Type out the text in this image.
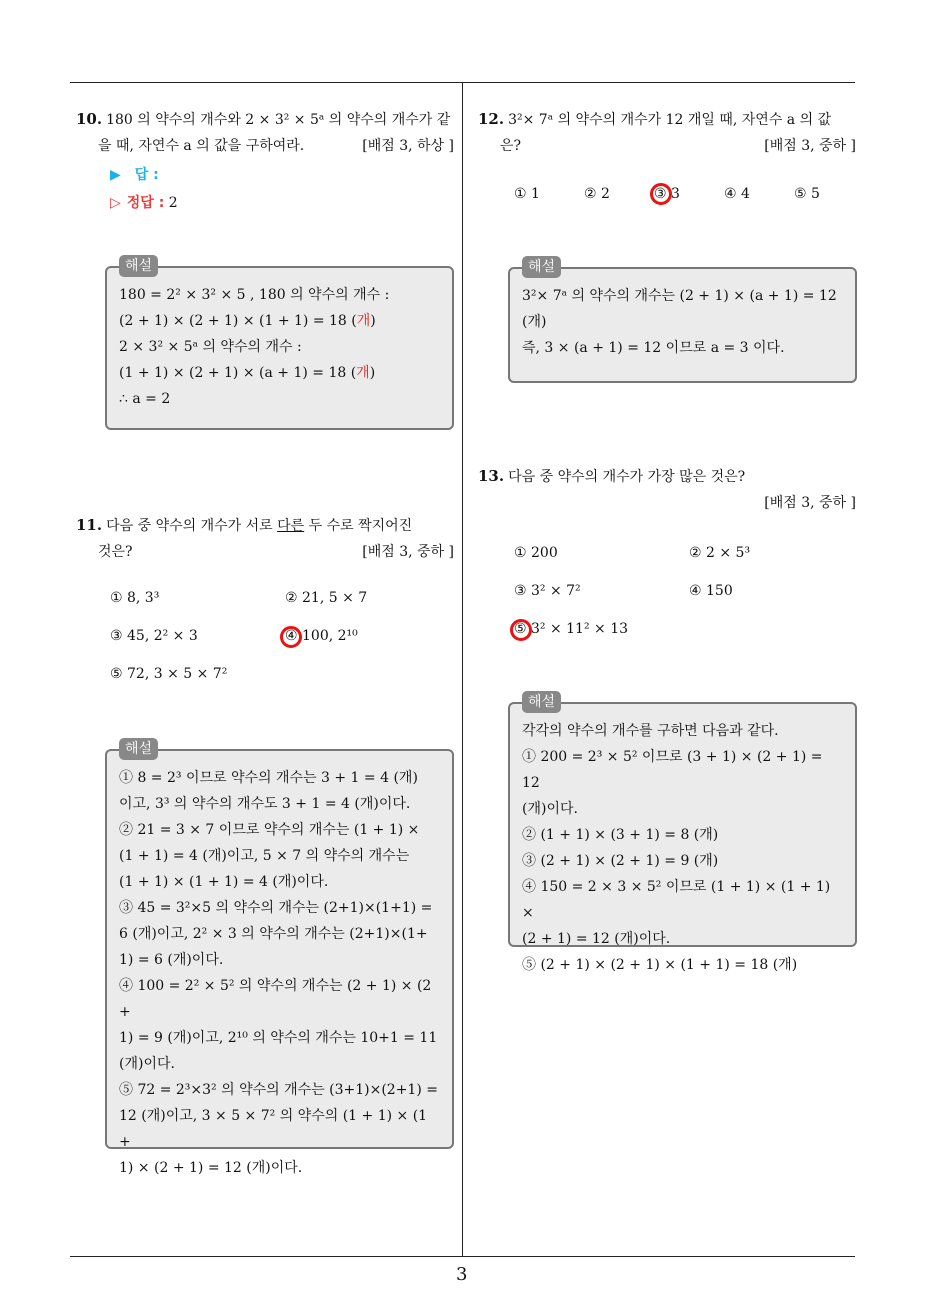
10. 180 의 약수의 개수와 2 × 3² × 5ᵃ 의 약수의 개수가 같
을 때, 자연수 a 의 값을 구하여라.	[배점 3, 하상 ]
▶ 답 :
▷ 정답 : 2
해설
180 = 2² × 3² × 5 , 180 의 약수의 개수 :
(2 + 1) × (2 + 1) × (1 + 1) = 18 (개)
2 × 3² × 5ᵃ 의 약수의 개수 :
(1 + 1) × (2 + 1) × (a + 1) = 18 (개)
∴ a = 2
11. 다음 중 약수의 개수가 서로 다른 두 수로 짝지어진
것은?	[배점 3, 중하 ]
① 8, 3³	② 21, 5 × 7
③ 45, 2² × 3	④ 100, 2¹⁰
⑤ 72, 3 × 5 × 7²
해설
① 8 = 2³ 이므로 약수의 개수는 3 + 1 = 4 (개)
이고, 3³ 의 약수의 개수도 3 + 1 = 4 (개)이다.
② 21 = 3 × 7 이므로 약수의 개수는 (1 + 1) ×
(1 + 1) = 4 (개)이고, 5 × 7 의 약수의 개수는
(1 + 1) × (1 + 1) = 4 (개)이다.
③ 45 = 3²×5 의 약수의 개수는 (2+1)×(1+1) =
6 (개)이고, 2² × 3 의 약수의 개수는 (2+1)×(1+
1) = 6 (개)이다.
④ 100 = 2² × 5² 의 약수의 개수는 (2 + 1) × (2 +
1) = 9 (개)이고, 2¹⁰ 의 약수의 개수는 10+1 = 11
(개)이다.
⑤ 72 = 2³×3² 의 약수의 개수는 (3+1)×(2+1) =
12 (개)이고, 3 × 5 × 7² 의 약수의 (1 + 1) × (1 +
1) × (2 + 1) = 12 (개)이다.
12. 3²× 7ᵃ 의 약수의 개수가 12 개일 때, 자연수 a 의 값
은?	[배점 3, 중하 ]
① 1	② 2	③ 3	④ 4	⑤ 5
해설
3²× 7ᵃ 의 약수의 개수는 (2 + 1) × (a + 1) = 12
(개)
즉, 3 × (a + 1) = 12 이므로 a = 3 이다.
13. 다음 중 약수의 개수가 가장 많은 것은?
[배점 3, 중하 ]

① 200	② 2 × 5³
③ 3² × 7²	④ 150
⑤ 3² × 11² × 13
해설
각각의 약수의 개수를 구하면 다음과 같다.
① 200 = 2³ × 5² 이므로 (3 + 1) × (2 + 1) = 12
(개)이다.
② (1 + 1) × (3 + 1) = 8 (개)
③ (2 + 1) × (2 + 1) = 9 (개)
④ 150 = 2 × 3 × 5² 이므로 (1 + 1) × (1 + 1) ×
(2 + 1) = 12 (개)이다.
⑤ (2 + 1) × (2 + 1) × (1 + 1) = 18 (개)
3
